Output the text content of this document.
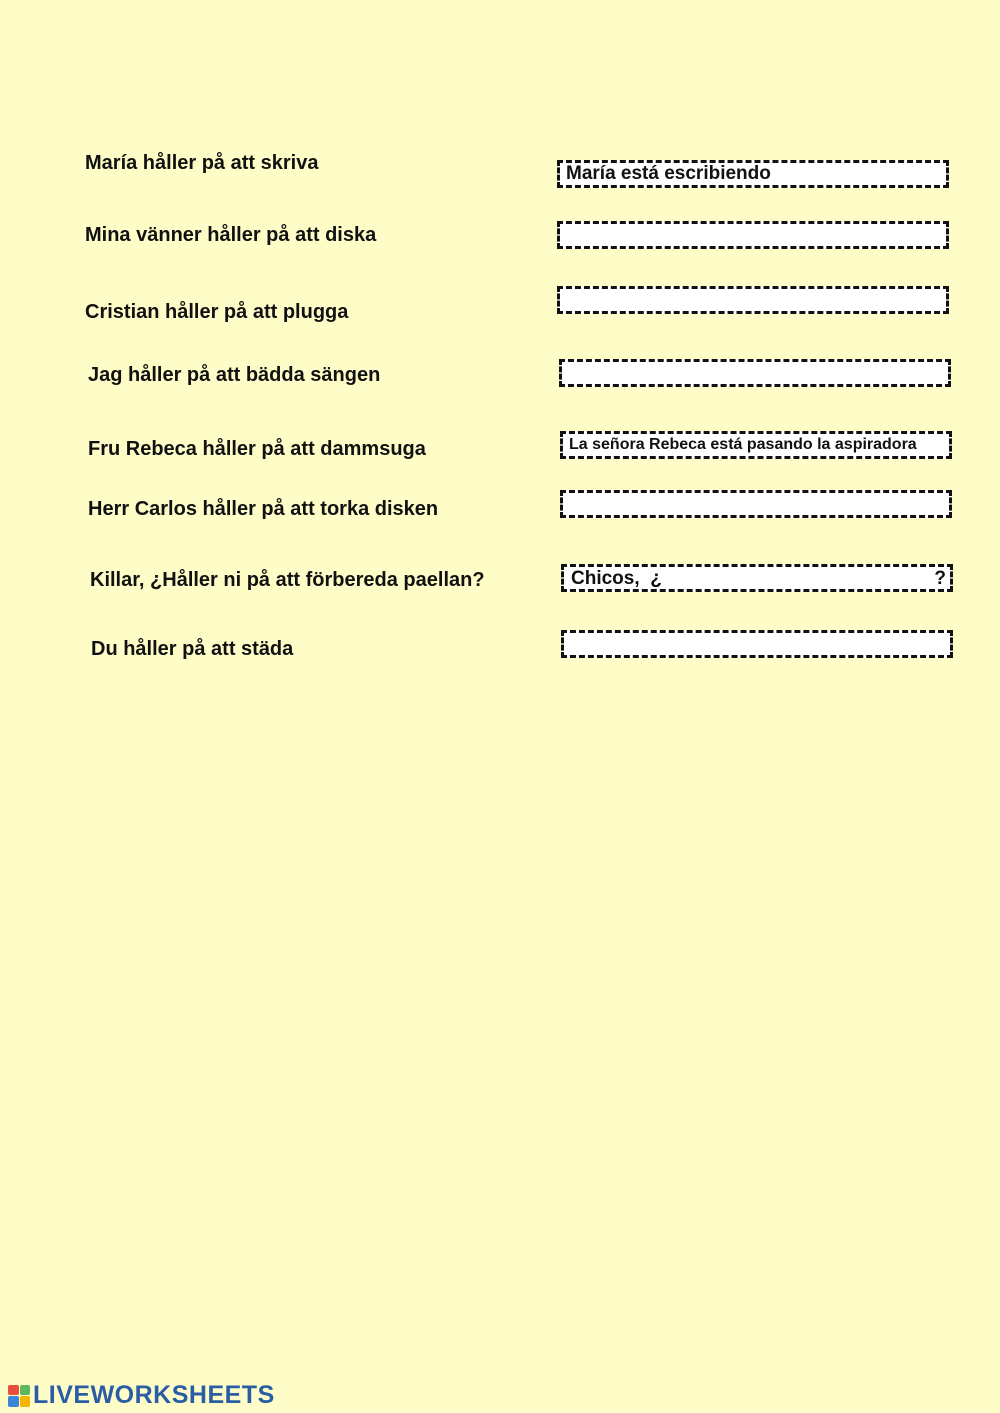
María håller på att skriva
María está escribiendo
Mina vänner håller på att diska
Cristian håller på att plugga
Jag håller på att bädda sängen
Fru Rebeca håller på att dammsuga
La señora Rebeca está pasando la aspiradora
Herr Carlos håller på att torka disken
Killar, ¿Håller ni på att förbereda paellan?	Chicos, ¿	?
Du håller på att städa
LIVEWORKSHEETS
